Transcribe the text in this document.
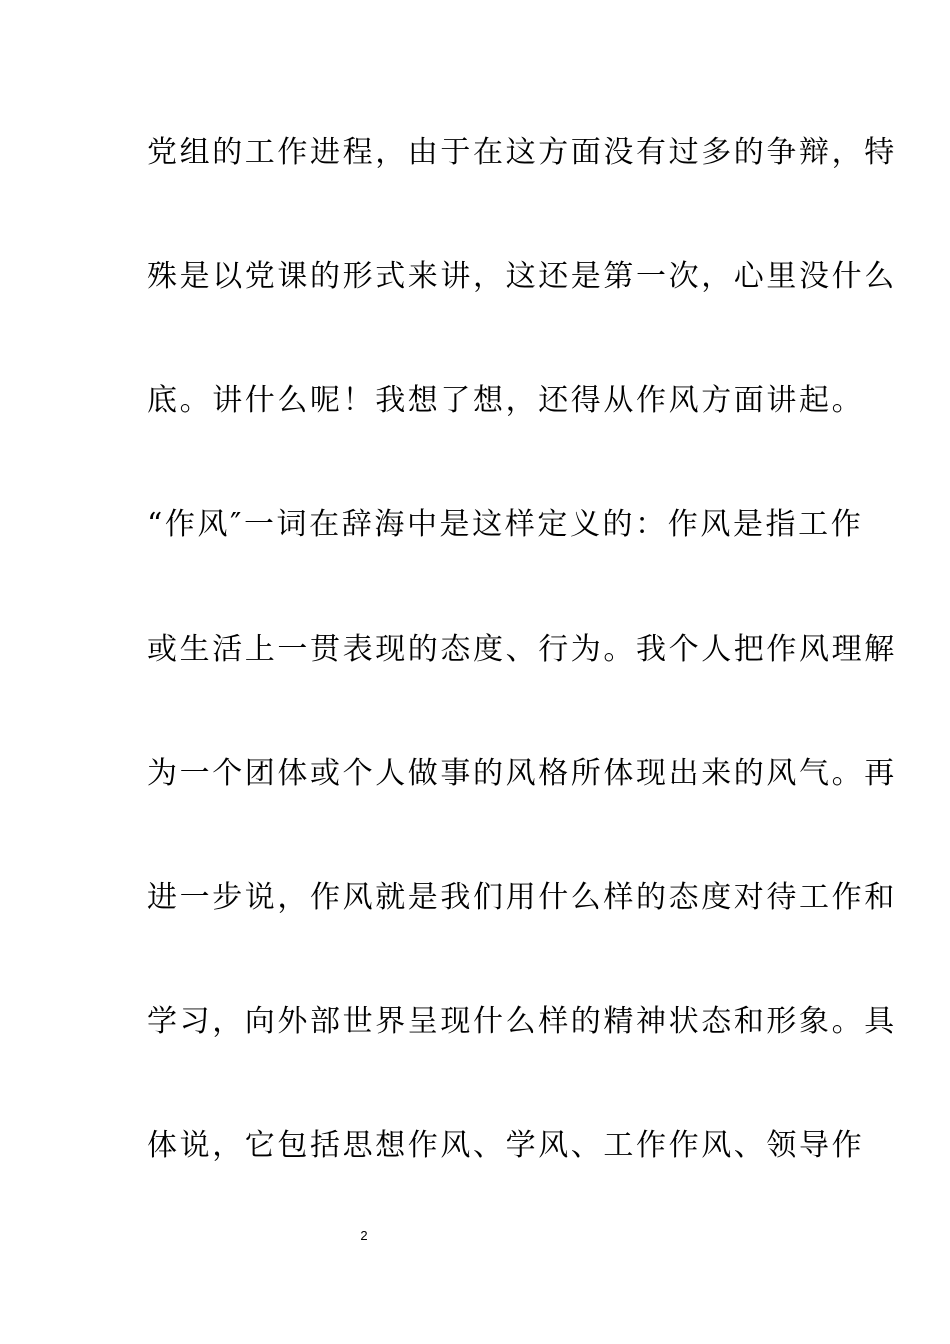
党组的工作进程，由于在这方面没有过多的争辩，特
殊是以党课的形式来讲，这还是第一次，心里没什么
底。讲什么呢！我想了想，还得从作风方面讲起。
“作风″一词在辞海中是这样定义的：作风是指工作
或生活上一贯表现的态度、行为。我个人把作风理解
为一个团体或个人做事的风格所体现出来的风气。再
进一步说，作风就是我们用什么样的态度对待工作和
学习，向外部世界呈现什么样的精神状态和形象。具
体说，它包括思想作风、学风、工作作风、领导作
2
